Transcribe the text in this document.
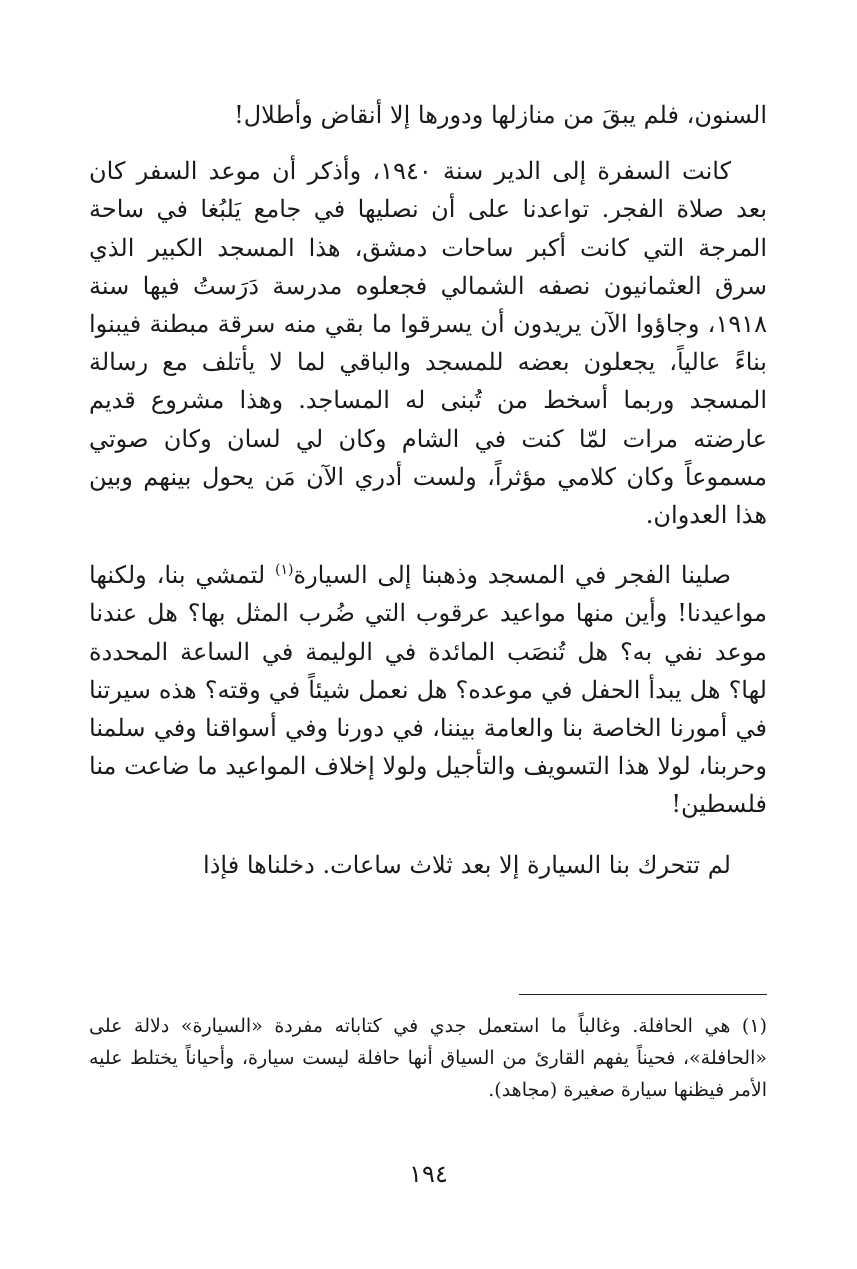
السنون، فلم يبقَ من منازلها ودورها إلا أنقاض وأطلال!

كانت السفرة إلى الدير سنة ١٩٤٠، وأذكر أن موعد السفر كان بعد صلاة الفجر. تواعدنا على أن نصليها في جامع يَلبُغا في ساحة المرجة التي كانت أكبر ساحات دمشق، هذا المسجد الكبير الذي سرق العثمانيون نصفه الشمالي فجعلوه مدرسة دَرَستُ فيها سنة ١٩١٨، وجاؤوا الآن يريدون أن يسرقوا ما بقي منه سرقة مبطنة فيبنوا بناءً عالياً، يجعلون بعضه للمسجد والباقي لما لا يأتلف مع رسالة المسجد وربما أسخط من تُبنى له المساجد. وهذا مشروع قديم عارضته مرات لمّا كنت في الشام وكان لي لسان وكان صوتي مسموعاً وكان كلامي مؤثراً، ولست أدري الآن مَن يحول بينهم وبين هذا العدوان.

صلينا الفجر في المسجد وذهبنا إلى السيارة$^{(١)}$ لتمشي بنا، ولكنها مواعيدنا! وأين منها مواعيد عرقوب التي ضُرب المثل بها؟ هل عندنا موعد نفي به؟ هل تُنصَب المائدة في الوليمة في الساعة المحددة لها؟ هل يبدأ الحفل في موعده؟ هل نعمل شيئاً في وقته؟ هذه سيرتنا في أمورنا الخاصة بنا والعامة بيننا، في دورنا وفي أسواقنا وفي سلمنا وحربنا، لولا هذا التسويف والتأجيل ولولا إخلاف المواعيد ما ضاعت منا فلسطين!

لم تتحرك بنا السيارة إلا بعد ثلاث ساعات. دخلناها فإذا

(١) هي الحافلة. وغالباً ما استعمل جدي في كتاباته مفردة «السيارة» دلالة على «الحافلة»، فحيناً يفهم القارئ من السياق أنها حافلة ليست سيارة، وأحياناً يختلط عليه الأمر فيظنها سيارة صغيرة (مجاهد).

١٩٤
